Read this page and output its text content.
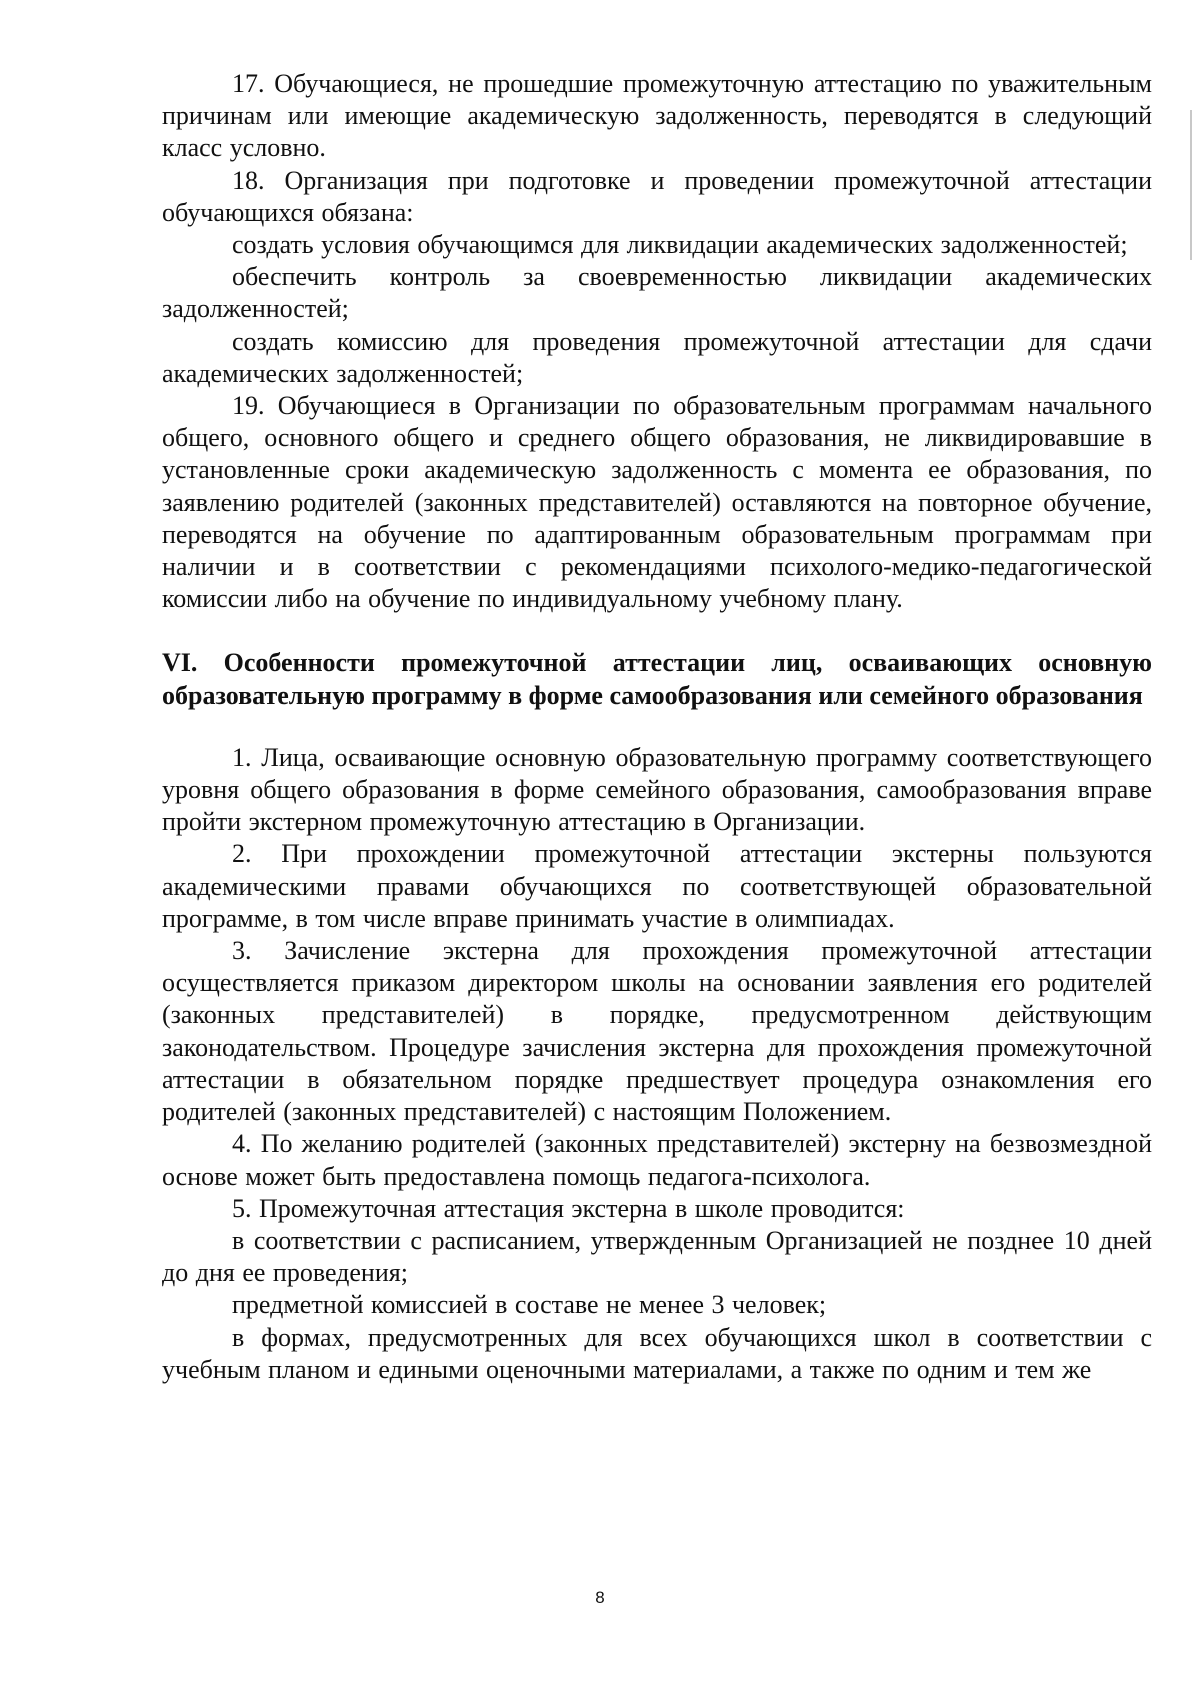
17. Обучающиеся, не прошедшие промежуточную аттестацию по уважительным причинам или имеющие академическую задолженность, переводятся в следующий класс условно.

18. Организация при подготовке и проведении промежуточной аттестации обучающихся обязана:

создать условия обучающимся для ликвидации академических задолженностей;

обеспечить контроль за своевременностью ликвидации академических задолженностей;

создать комиссию для проведения промежуточной аттестации для сдачи академических задолженностей;

19. Обучающиеся в Организации по образовательным программам начального общего, основного общего и среднего общего образования, не ликвидировавшие в установленные сроки академическую задолженность с момента ее образования, по заявлению родителей (законных представителей) оставляются на повторное обучение, переводятся на обучение по адаптированным образовательным программам при наличии и в соответствии с рекомендациями психолого-медико-педагогической комиссии либо на обучение по индивидуальному учебному плану.

VI. Особенности промежуточной аттестации лиц, осваивающих основную образовательную программу в форме самообразования или семейного образования

1. Лица, осваивающие основную образовательную программу соответствующего уровня общего образования в форме семейного образования, самообразования вправе пройти экстерном промежуточную аттестацию в Организации.

2. При прохождении промежуточной аттестации экстерны пользуются академическими правами обучающихся по соответствующей образовательной программе, в том числе вправе принимать участие в олимпиадах.

3. Зачисление экстерна для прохождения промежуточной аттестации осуществляется приказом директором школы на основании заявления его родителей (законных представителей) в порядке, предусмотренном действующим законодательством. Процедуре зачисления экстерна для прохождения промежуточной аттестации в обязательном порядке предшествует процедура ознакомления его родителей (законных представителей) с настоящим Положением.

4. По желанию родителей (законных представителей) экстерну на безвозмездной основе может быть предоставлена помощь педагога-психолога.

5. Промежуточная аттестация экстерна в школе проводится:

в соответствии с расписанием, утвержденным Организацией не позднее 10 дней до дня ее проведения;

предметной комиссией в составе не менее 3 человек;

в формах, предусмотренных для всех обучающихся школ в соответствии с учебным планом и едиными оценочными материалами, а также по одним и тем же

8
